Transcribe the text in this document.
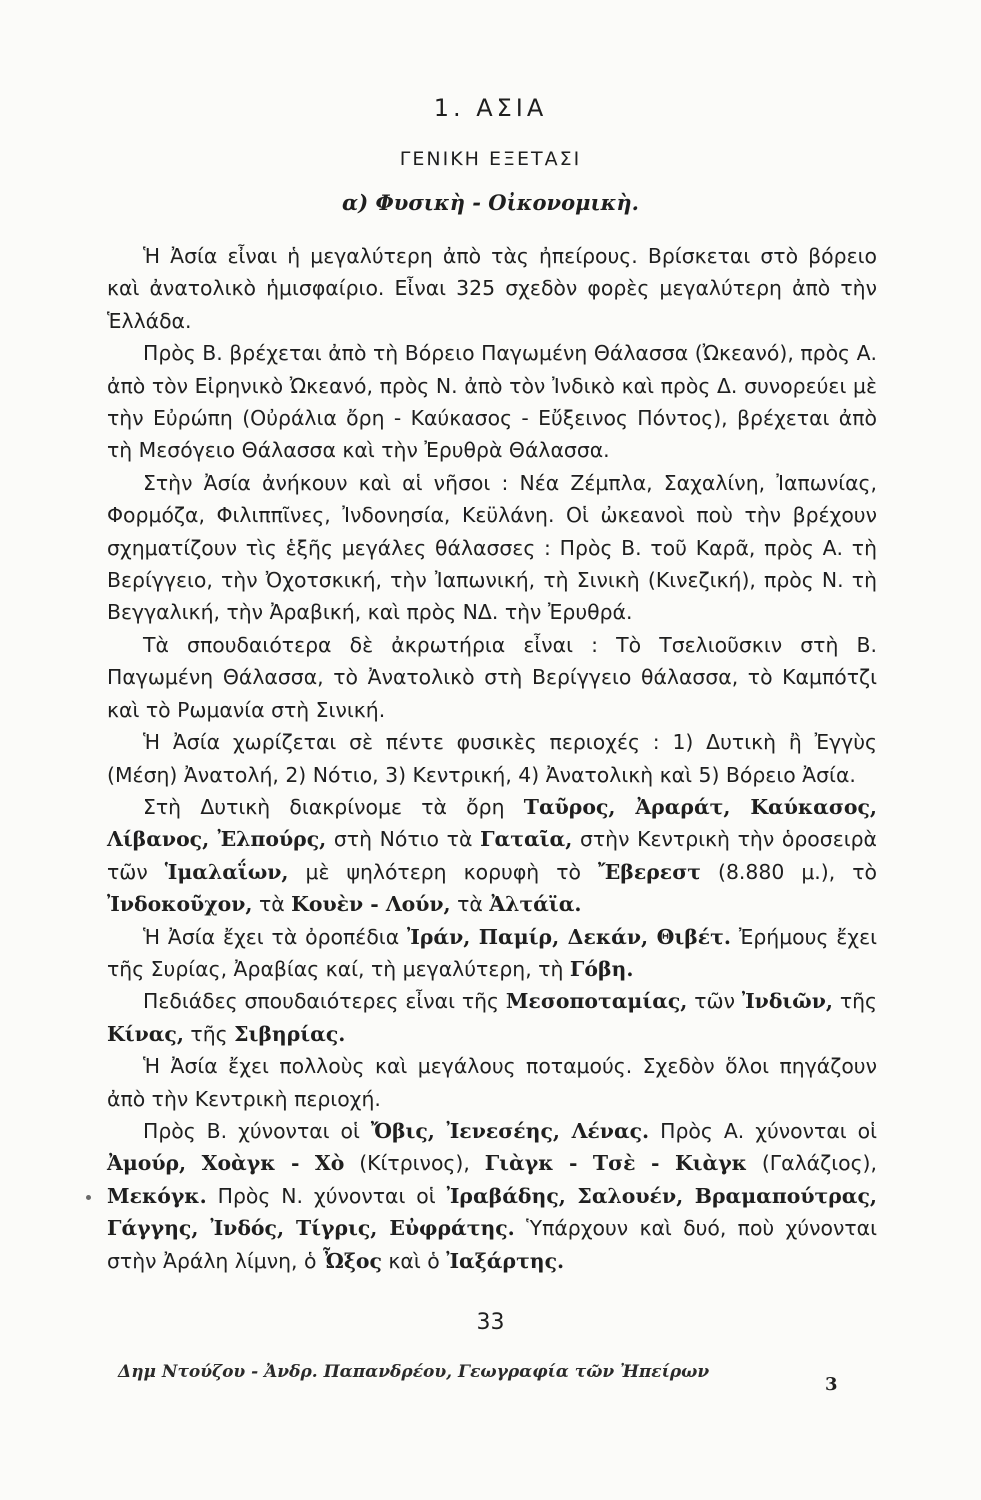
1. ΑΣΙΑ
ΓΕΝΙΚΗ ΕΞΕΤΑΣΙ
α) Φυσικὴ - Οἰκονομικὴ.

Ἡ Ἀσία εἶναι ἡ μεγαλύτερη ἀπὸ τὰς ἠπείρους. Βρίσκεται στὸ βόρειο καὶ ἀνατολικὸ ἡμισφαίριο. Εἶναι 325 σχεδὸν φορὲς μεγαλύτερη ἀπὸ τὴν Ἑλλάδα.

Πρὸς Β. βρέχεται ἀπὸ τὴ Βόρειο Παγωμένη Θάλασσα (Ὠκεανό), πρὸς Α. ἀπὸ τὸν Εἰρηνικὸ Ὠκεανό, πρὸς Ν. ἀπὸ τὸν Ἰνδικὸ καὶ πρὸς Δ. συνορεύει μὲ τὴν Εὐρώπη (Οὐράλια ὄρη - Καύκασος - Εὔξεινος Πόντος), βρέχεται ἀπὸ τὴ Μεσόγειο Θάλασσα καὶ τὴν Ἐρυθρὰ Θάλασσα.

Στὴν Ἀσία ἀνήκουν καὶ αἱ νῆσοι : Νέα Ζέμπλα, Σαχαλίνη, Ἰαπωνίας, Φορμόζα, Φιλιππῖνες, Ἰνδονησία, Κεϋλάνη. Οἱ ὠκεανοὶ ποὺ τὴν βρέχουν σχηματίζουν τὶς ἑξῆς μεγάλες θάλασσες : Πρὸς Β. τοῦ Καρᾶ, πρὸς Α. τὴ Βερίγγειο, τὴν Ὀχοτσκική, τὴν Ἰαπωνική, τὴ Σινικὴ (Κινεζική), πρὸς Ν. τὴ Βεγγαλική, τὴν Ἀραβική, καὶ πρὸς ΝΔ. τὴν Ἐρυθρά.

Τὰ σπουδαιότερα δὲ ἀκρωτήρια εἶναι : Τὸ Τσελιοῦσκιν στὴ Β. Παγωμένη Θάλασσα, τὸ Ἀνατολικὸ στὴ Βερίγγειο θάλασσα, τὸ Καμπότζι καὶ τὸ Ρωμανία στὴ Σινική.

Ἡ Ἀσία χωρίζεται σὲ πέντε φυσικὲς περιοχές : 1) Δυτικὴ ἢ Ἐγγὺς (Μέση) Ἀνατολή, 2) Νότιο, 3) Κεντρική, 4) Ἀνατολικὴ καὶ 5) Βόρειο Ἀσία.

Στὴ Δυτικὴ διακρίνομε τὰ ὄρη Ταῦρος, Ἀραράτ, Καύκασος, Λίβανος, Ἐλπούρς, στὴ Νότιο τὰ Γαταῖα, στὴν Κεντρικὴ τὴν ὁροσειρὰ τῶν Ἱμαλαΐων, μὲ ψηλότερη κορυφὴ τὸ Ἔβερεστ (8.880 μ.), τὸ Ἰνδοκοῦχον, τὰ Κουὲν - Λούν, τὰ Ἀλτάϊα.

Ἡ Ἀσία ἔχει τὰ ὀροπέδια Ἰράν, Παμίρ, Δεκάν, Θιβέτ. Ἐρήμους ἔχει τῆς Συρίας, Ἀραβίας καί, τὴ μεγαλύτερη, τὴ Γόβη.

Πεδιάδες σπουδαιότερες εἶναι τῆς Μεσοποταμίας, τῶν Ἰνδιῶν, τῆς Κίνας, τῆς Σιβηρίας.

Ἡ Ἀσία ἔχει πολλοὺς καὶ μεγάλους ποταμούς. Σχεδὸν ὅλοι πηγάζουν ἀπὸ τὴν Κεντρικὴ περιοχή.

Πρὸς Β. χύνονται οἱ Ὄβις, Ἰενεσέης, Λένας. Πρὸς Α. χύνονται οἱ Ἀμούρ, Χοὰγκ - Χὸ (Κίτρινος), Γιὰγκ - Τσὲ - Κιὰγκ (Γαλάζιος), Μεκόγκ. Πρὸς Ν. χύνονται οἱ Ἰραβάδης, Σαλουέν, Βραμαπούτρας, Γάγγης, Ἰνδός, Τίγρις, Εὐφράτης. Ὑπάρχουν καὶ δυό, ποὺ χύνονται στὴν Ἀράλη λίμνη, ὁ Ὦξος καὶ ὁ Ἰαξάρτης.

33
Δημ Ντούζου - Ἀνδρ. Παπανδρέου, Γεωγραφία τῶν Ἠπείρων
3
